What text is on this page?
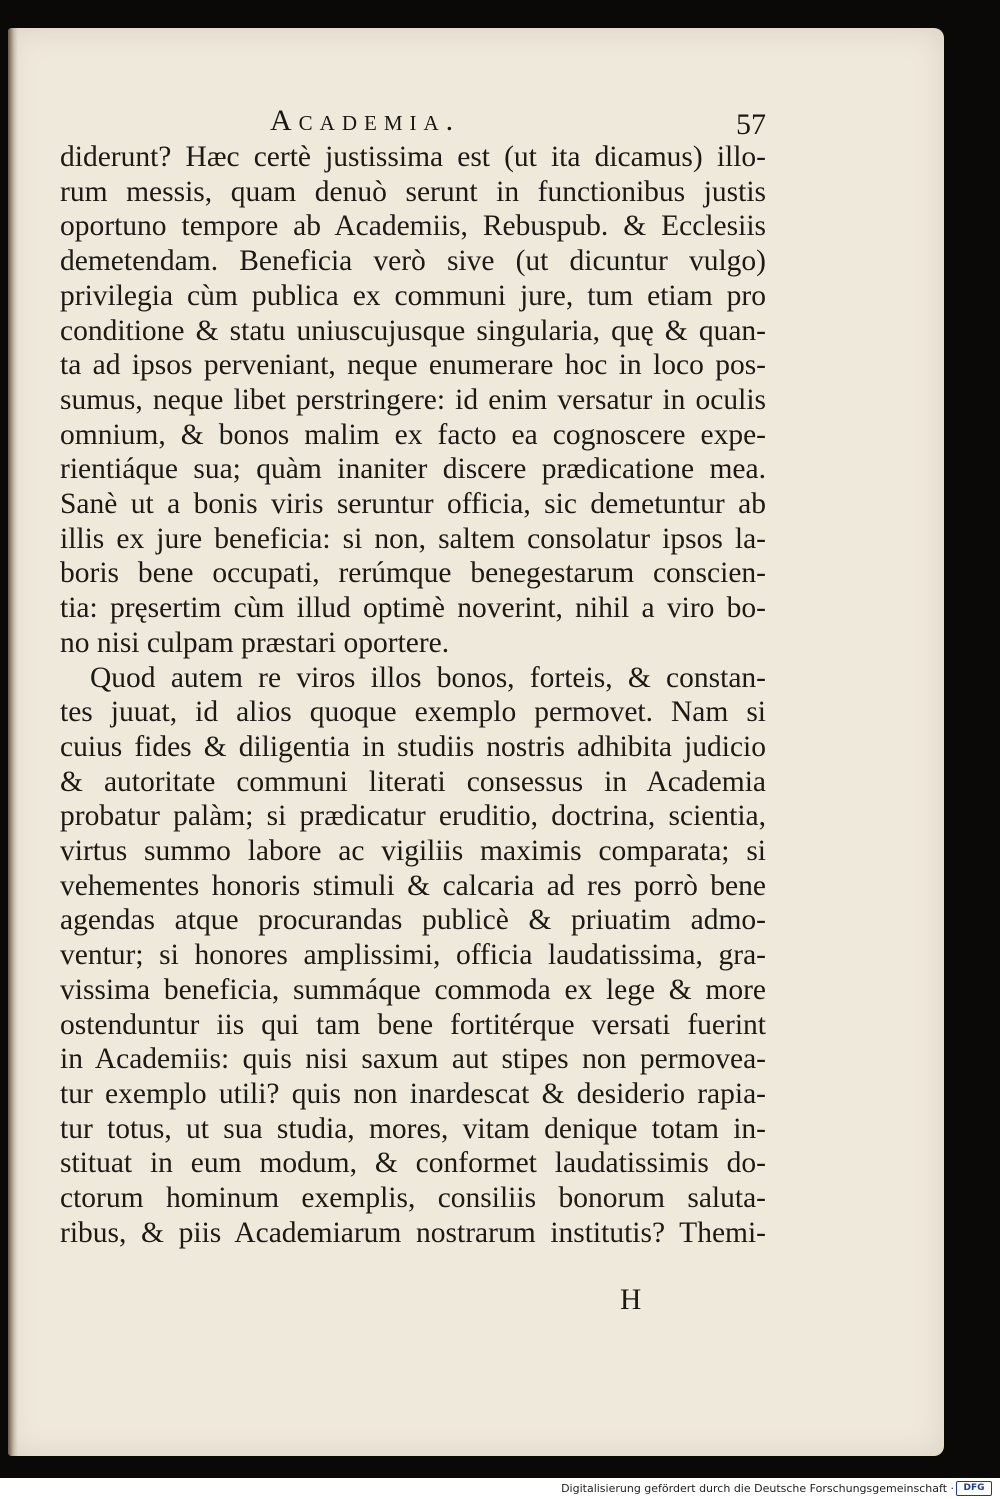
Academia.	57
diderunt? Hæc certè justissima est (ut ita dicamus) illo-
rum messis, quam denuò serunt in functionibus justis
oportuno tempore ab Academiis, Rebuspub. & Ecclesiis
demetendam. Beneficia verò sive (ut dicuntur vulgo)
privilegia cùm publica ex communi jure, tum etiam pro
conditione & statu uniuscujusque singularia, quę & quan-
ta ad ipsos perveniant, neque enumerare hoc in loco pos-
sumus, neque libet perstringere: id enim versatur in oculis
omnium, & bonos malim ex facto ea cognoscere expe-
rientiáque sua; quàm inaniter discere prædicatione mea.
Sanè ut a bonis viris seruntur officia, sic demetuntur ab
illis ex jure beneficia: si non, saltem consolatur ipsos la-
boris bene occupati, rerúmque benegestarum conscien-
tia: pręsertim cùm illud optimè noverint, nihil a viro bo-
no nisi culpam præstari oportere.
Quod autem re viros illos bonos, forteis, & constan-
tes juuat, id alios quoque exemplo permovet. Nam si
cuius fides & diligentia in studiis nostris adhibita judicio
& autoritate communi literati consessus in Academia
probatur palàm; si prædicatur eruditio, doctrina, scientia,
virtus summo labore ac vigiliis maximis comparata; si
vehementes honoris stimuli & calcaria ad res porrò bene
agendas atque procurandas publicè & priuatim admo-
ventur; si honores amplissimi, officia laudatissima, gra-
vissima beneficia, summáque commoda ex lege & more
ostenduntur iis qui tam bene fortitérque versati fuerint
in Academiis: quis nisi saxum aut stipes non permovea-
tur exemplo utili? quis non inardescat & desiderio rapia-
tur totus, ut sua studia, mores, vitam denique totam in-
stituat in eum modum, & conformet laudatissimis do-
ctorum hominum exemplis, consiliis bonorum saluta-
ribus, & piis Academiarum nostrarum institutis? Themi-
H
Digitalisierung gefördert durch die Deutsche Forschungsgemeinschaft ·	DFG
